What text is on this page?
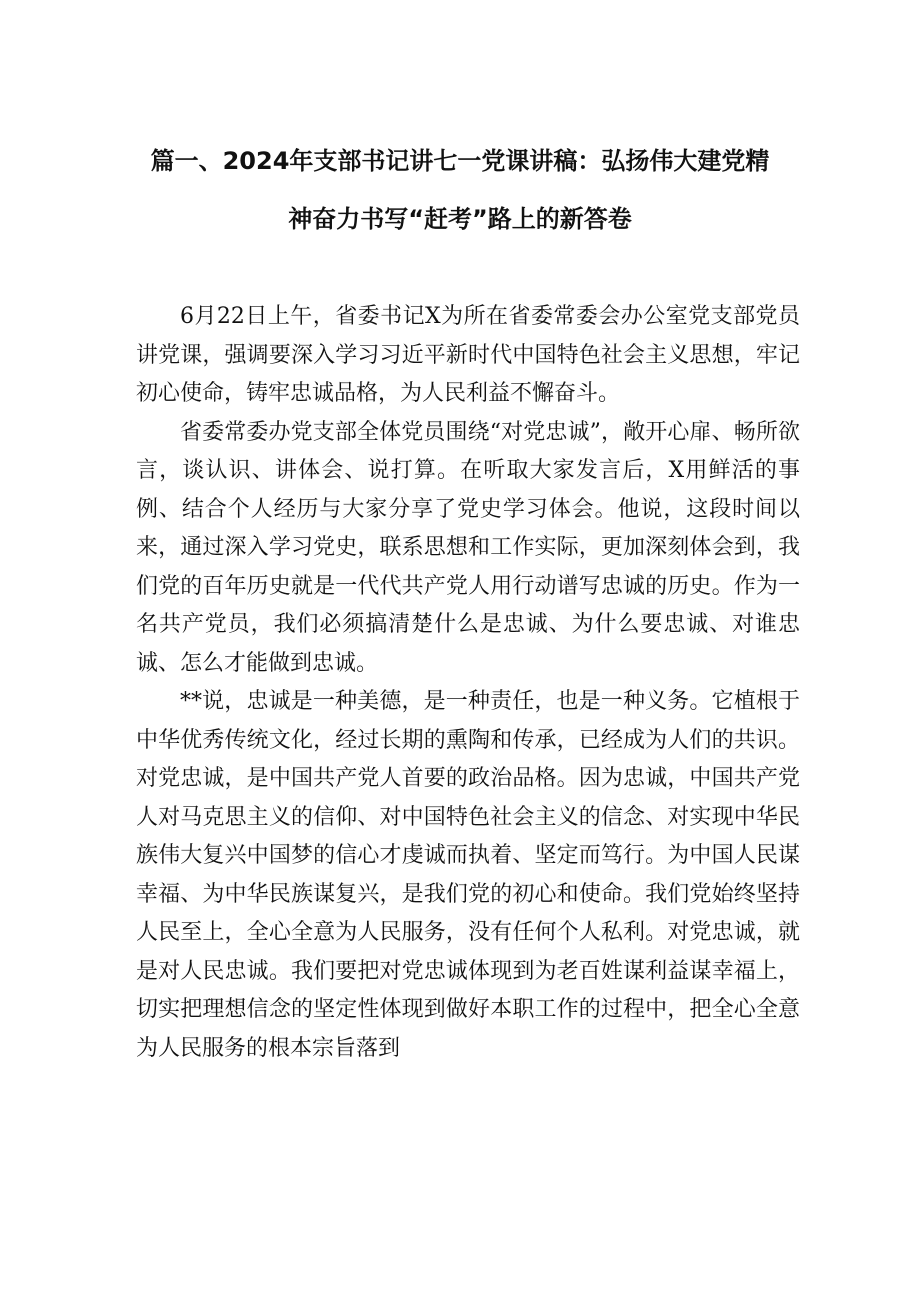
篇一、2024年支部书记讲七一党课讲稿：弘扬伟大建党精
神奋力书写“赶考”路上的新答卷

6月22日上午，省委书记X为所在省委常委会办公室党支部党员讲党课，强调要深入学习习近平新时代中国特色社会主义思想，牢记初心使命，铸牢忠诚品格，为人民利益不懈奋斗。

省委常委办党支部全体党员围绕“对党忠诚”，敞开心扉、畅所欲言，谈认识、讲体会、说打算。在听取大家发言后，X用鲜活的事例、结合个人经历与大家分享了党史学习体会。他说，这段时间以来，通过深入学习党史，联系思想和工作实际，更加深刻体会到，我们党的百年历史就是一代代共产党人用行动谱写忠诚的历史。作为一名共产党员，我们必须搞清楚什么是忠诚、为什么要忠诚、对谁忠诚、怎么才能做到忠诚。

**说，忠诚是一种美德，是一种责任，也是一种义务。它植根于中华优秀传统文化，经过长期的熏陶和传承，已经成为人们的共识。对党忠诚，是中国共产党人首要的政治品格。因为忠诚，中国共产党人对马克思主义的信仰、对中国特色社会主义的信念、对实现中华民族伟大复兴中国梦的信心才虔诚而执着、坚定而笃行。为中国人民谋幸福、为中华民族谋复兴，是我们党的初心和使命。我们党始终坚持人民至上，全心全意为人民服务，没有任何个人私利。对党忠诚，就是对人民忠诚。我们要把对党忠诚体现到为老百姓谋利益谋幸福上，切实把理想信念的坚定性体现到做好本职工作的过程中，把全心全意为人民服务的根本宗旨落到
